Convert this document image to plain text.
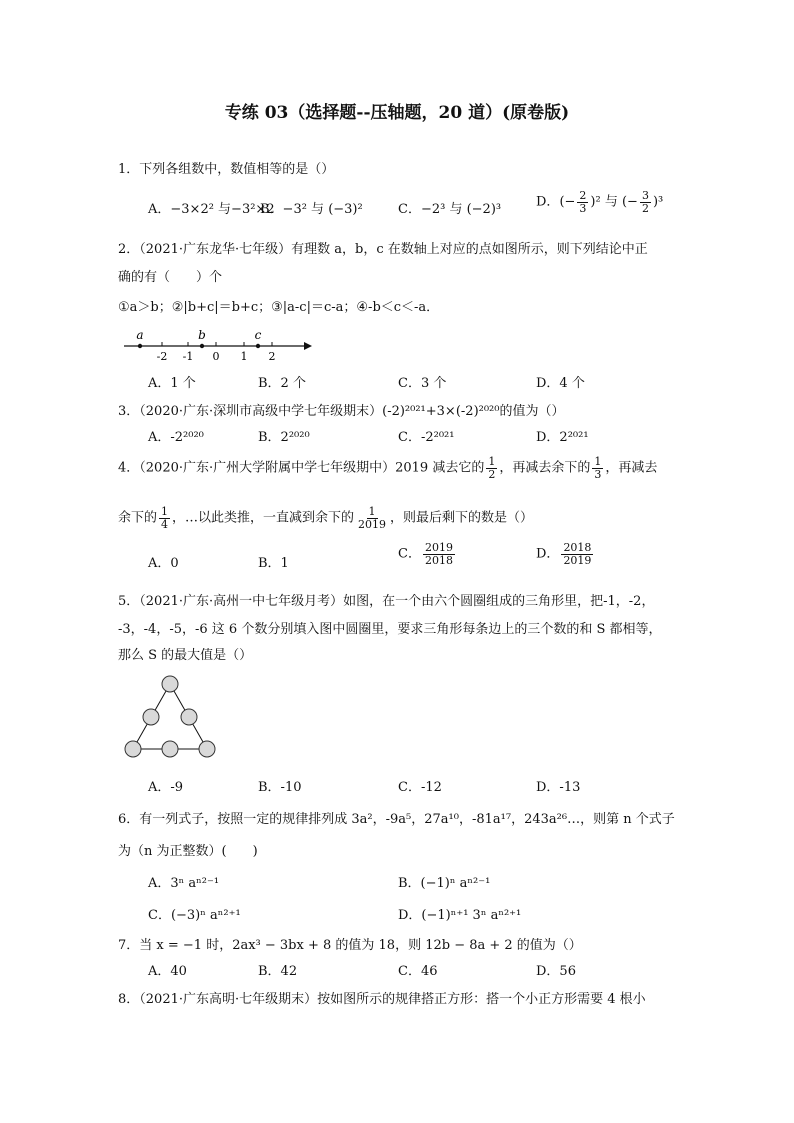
专练 03（选择题--压轴题，20 道）(原卷版)
1．下列各组数中，数值相等的是（）
A．−3×2² 与−3²×2
B．−3² 与 (−3)²	C．−2³ 与 (−2)³	D．(− $\frac{2}{3} )^2$ 与 (− $\frac{3}{2} )^3$
2．（2021·广东龙华·七年级）有理数 a，b，c 在数轴上对应的点如图所示，则下列结论中正
确的有（　　）个
①a＞b；②|b+c|＝b+c；③|a-c|＝c-a；④-b＜c＜-a．
-2 -1 0 1 2
a	b	c
A．1 个	B．2 个	C．3 个	D．4 个
3．（2020·广东·深圳市高级中学七年级期末）(-2)²⁰²¹+3×(-2)²⁰²⁰的值为（）
A．-2²⁰²⁰	B．2²⁰²⁰	C．-2²⁰²¹	D．2²⁰²¹
4．（2020·广东·广州大学附属中学七年级期中）2019 减去它的 $\frac{1}{2}$ ，再减去余下的 $\frac{1}{3}$ ，再减去
余下的 $\frac{1}{4}$ ，…以此类推，一直减到余下的 $\frac{1}{2019}$ ，则最后剩下的数是（）
A．0	B．1
C． $\frac{2019}{2018}$	D． $\frac{2018}{2019}$
5．（2021·广东·高州一中七年级月考）如图，在一个由六个圆圈组成的三角形里，把-1，-2，
-3，-4，-5，-6 这 6 个数分别填入图中圆圈里，要求三角形每条边上的三个数的和 S 都相等，
那么 S 的最大值是（）
A．-9	B．-10	C．-12	D．-13
6．有一列式子，按照一定的规律排列成 3a²，-9a⁵，27a¹⁰，-81a¹⁷，243a²⁶…，则第 n 个式子
为（n 为正整数）(　　)
A．3ⁿ aⁿ²⁻¹	B．(−1)ⁿ aⁿ²⁻¹
C．(−3)ⁿ aⁿ²⁺¹	D．(−1)ⁿ⁺¹ 3ⁿ aⁿ²⁺¹
7．当 x = −1 时，2ax³ − 3bx + 8 的值为 18，则 12b − 8a + 2 的值为（）
A．40	B．42	C．46	D．56
8．（2021·广东高明·七年级期末）按如图所示的规律搭正方形：搭一个小正方形需要 4 根小
